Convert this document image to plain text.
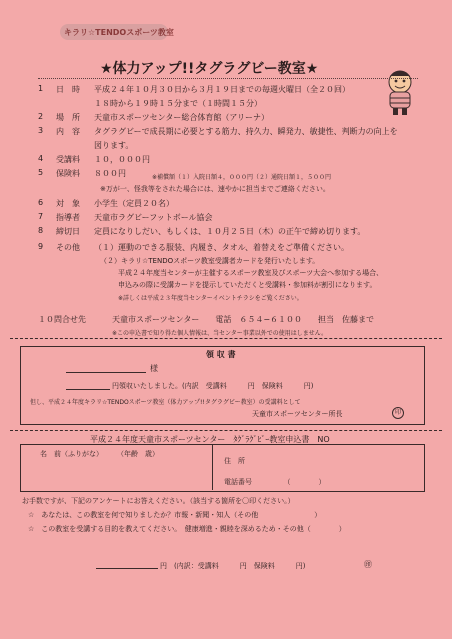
キラリ☆TENDOスポーツ教室
★体力アップ!!タグラグビー教室★
1 日　時 平成２４年１０月３０日から３月１９日までの毎週火曜日（全２０回）
１８時から１９時１５分まで（１時間１５分）
2 場　所 天童市スポーツセンター総合体育館（アリーナ）
3 内　容 タグラグビーで成長期に必要とする筋力、持久力、瞬発力、敏捷性、判断力の向上を
図ります。
4 受講料 １０，０００円
5 保険料 ８００円
6 対　象 小学生（定員２０名）
7 指導者 天童市ラグビーフットボール協会
8 締切日 定員になりしだい、もしくは、１０月２５日（木）の正午で締め切ります。
9 その他 （１）運動のできる服装、内履き、タオル、着替えをご準備ください。
※補償額（１）入院日額４，０００円（２）通院日額１，５００円
※万が一、怪我等をされた場合には、速やかに担当までご連絡ください。
（２）キラリ☆TENDOスポーツ教室受講者カードを発行いたします。
平成２４年度当センターが主催するスポーツ教室及びスポーツ大会へ参加する場合、
申込みの際に受講カードを提示していただくと受講料・参加料が割引になります。
※詳しくは平成２３年度当センターイベントチラシをご覧ください。
１０問合せ先	天童市スポーツセンター　　電話　６５４−６１００　　担当　佐藤まで
※この申込書で知り得た個人情報は、当センター事業以外での使用はしません。
領 収 書
様
円領収いたしました。(内訳　受講料　　　円　保険料　　　円)
但し、平成２４年度キラリ☆TENDOスポーツ教室（体力アップ!!タグラグビー教室）の受講料として
天童市スポーツセンター所長	印
平成２４年度天童市スポーツセンター　ﾀｸﾞﾗｸﾞﾋﾞｰ教室申込書　NO
名　前（ふりがな）　　　（年齢　歳）
住　所
電話番号　　　　　（　　　　）
お手数ですが、下記のアンケートにお答えください。（該当する箇所を〇印ください。）
☆　あなたは、この教室を何で知りましたか？市報・新聞・知人（その他　　　　　　　　）
☆　この教室を受講する目的を教えてください。　健康増進・親睦を深めるため・その他（　　　　）
円　(内訳：受講料　　　円　保険料　　　円)	㊞
